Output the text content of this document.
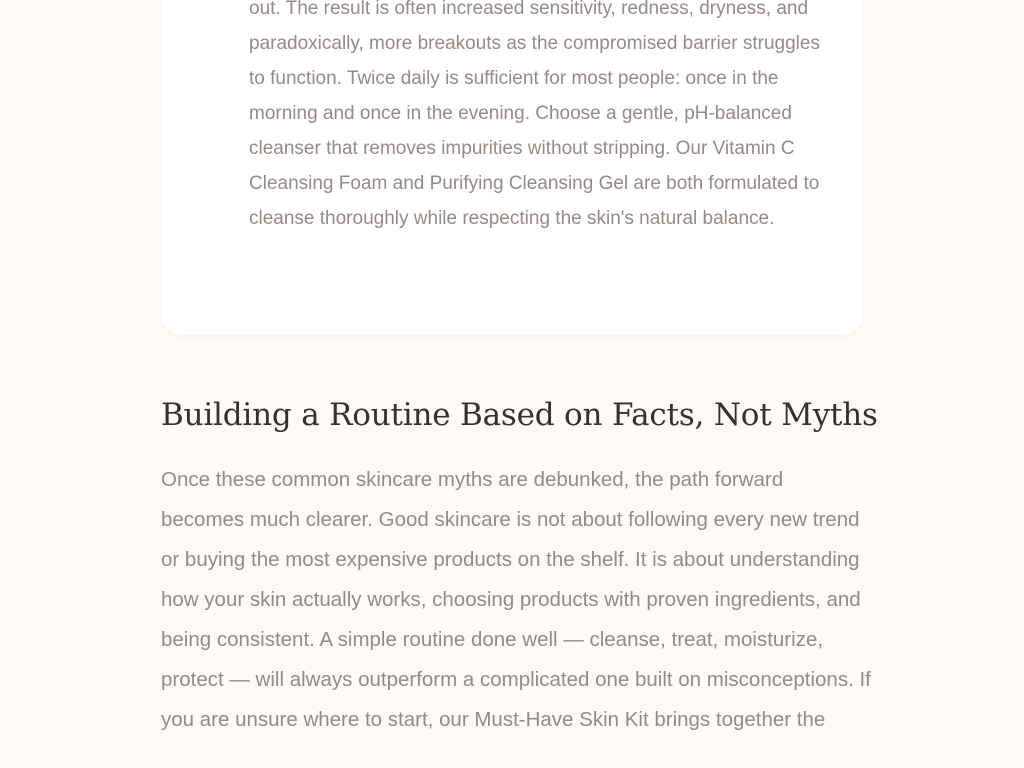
out. The result is often increased sensitivity, redness, dryness, and paradoxically, more breakouts as the compromised barrier struggles to function. Twice daily is sufficient for most people: once in the morning and once in the evening. Choose a gentle, pH-balanced cleanser that removes impurities without stripping. Our Vitamin C Cleansing Foam and Purifying Cleansing Gel are both formulated to cleanse thoroughly while respecting the skin's natural balance.

Building a Routine Based on Facts, Not Myths

Once these common skincare myths are debunked, the path forward becomes much clearer. Good skincare is not about following every new trend or buying the most expensive products on the shelf. It is about understanding how your skin actually works, choosing products with proven ingredients, and being consistent. A simple routine done well — cleanse, treat, moisturize, protect — will always outperform a complicated one built on misconceptions. If you are unsure where to start, our Must-Have Skin Kit brings together the
